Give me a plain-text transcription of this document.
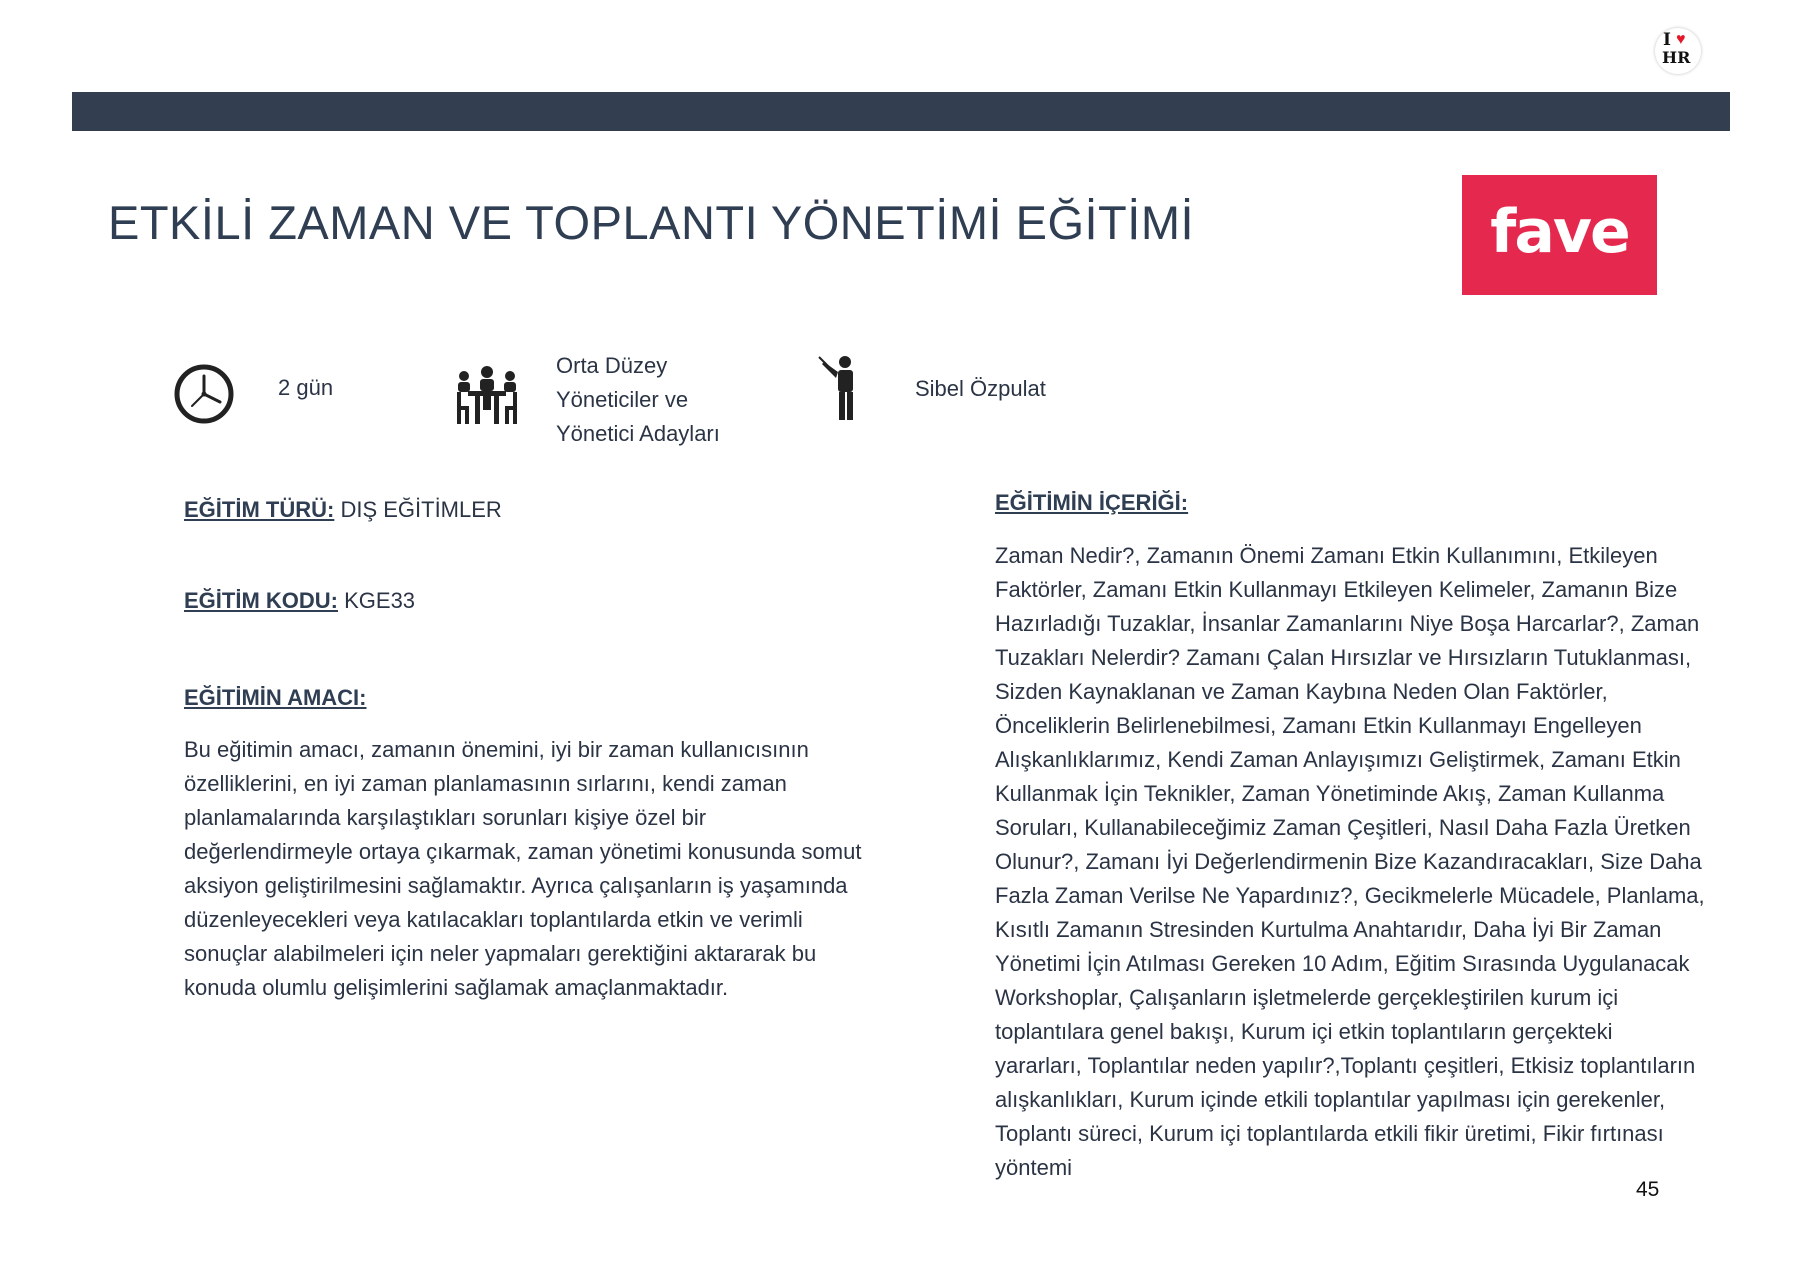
I ♥
HR
ETKİLİ ZAMAN VE TOPLANTI YÖNETİMİ EĞİTİMİ	fave
2 gün
Orta Düzey
Yöneticiler ve
Yönetici Adayları
Sibel Özpulat
EĞİTİM TÜRÜ: DIŞ EĞİTİMLER
EĞİTİM KODU: KGE33
EĞİTİMİN AMACI:
Bu eğitimin amacı, zamanın önemini, iyi bir zaman kullanıcısının
özelliklerini, en iyi zaman planlamasının sırlarını, kendi zaman
planlamalarında karşılaştıkları sorunları kişiye özel bir
değerlendirmeyle ortaya çıkarmak, zaman yönetimi konusunda somut
aksiyon geliştirilmesini sağlamaktır. Ayrıca çalışanların iş yaşamında
düzenleyecekleri veya katılacakları toplantılarda etkin ve verimli
sonuçlar alabilmeleri için neler yapmaları gerektiğini aktararak bu
konuda olumlu gelişimlerini sağlamak amaçlanmaktadır.
EĞİTİMİN İÇERİĞİ:
Zaman Nedir?, Zamanın Önemi Zamanı Etkin Kullanımını, Etkileyen
Faktörler, Zamanı Etkin Kullanmayı Etkileyen Kelimeler, Zamanın Bize
Hazırladığı Tuzaklar, İnsanlar Zamanlarını Niye Boşa Harcarlar?, Zaman
Tuzakları Nelerdir? Zamanı Çalan Hırsızlar ve Hırsızların Tutuklanması,
Sizden Kaynaklanan ve Zaman Kaybına Neden Olan Faktörler,
Önceliklerin Belirlenebilmesi, Zamanı Etkin Kullanmayı Engelleyen
Alışkanlıklarımız, Kendi Zaman Anlayışımızı Geliştirmek, Zamanı Etkin
Kullanmak İçin Teknikler, Zaman Yönetiminde Akış, Zaman Kullanma
Soruları, Kullanabileceğimiz Zaman Çeşitleri, Nasıl Daha Fazla Üretken
Olunur?, Zamanı İyi Değerlendirmenin Bize Kazandıracakları, Size Daha
Fazla Zaman Verilse Ne Yapardınız?, Gecikmelerle Mücadele, Planlama,
Kısıtlı Zamanın Stresinden Kurtulma Anahtarıdır, Daha İyi Bir Zaman
Yönetimi İçin Atılması Gereken 10 Adım, Eğitim Sırasında Uygulanacak
Workshoplar, Çalışanların işletmelerde gerçekleştirilen kurum içi
toplantılara genel bakışı, Kurum içi etkin toplantıların gerçekteki
yararları, Toplantılar neden yapılır?,Toplantı çeşitleri, Etkisiz toplantıların
alışkanlıkları, Kurum içinde etkili toplantılar yapılması için gerekenler,
Toplantı süreci, Kurum içi toplantılarda etkili fikir üretimi, Fikir fırtınası
yöntemi
45
